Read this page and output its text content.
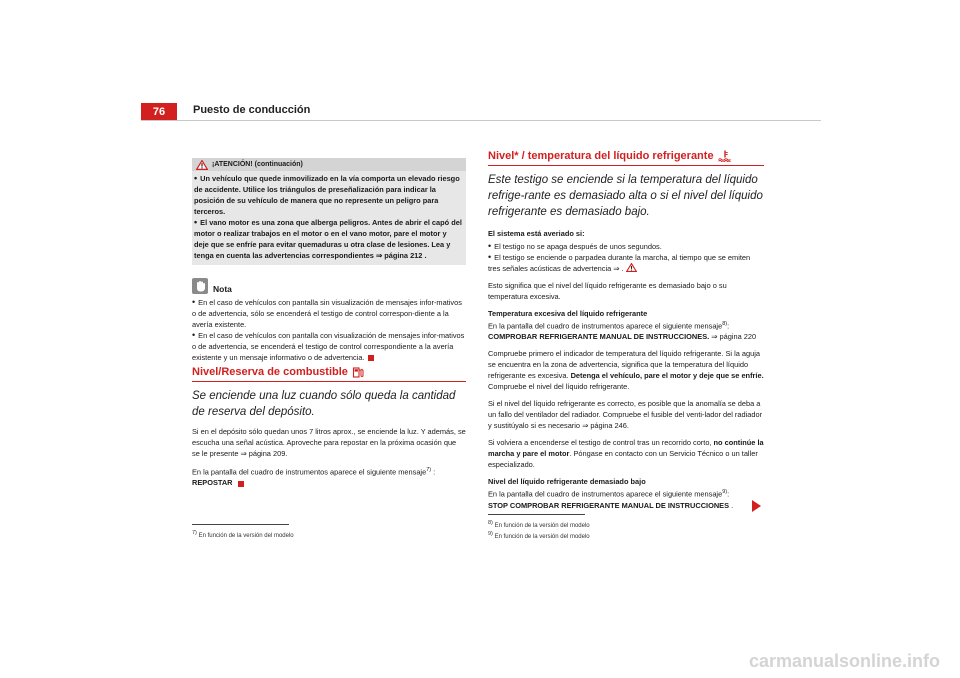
76	Puesto de conducción
¡ATENCIÓN! (continuación)
• Un vehículo que quede inmovilizado en la vía comporta un elevado riesgo de accidente. Utilice los triángulos de preseñalización para indicar la posición de su vehículo de manera que no represente un peligro para terceros.
• El vano motor es una zona que alberga peligros. Antes de abrir el capó del motor o realizar trabajos en el motor o en el vano motor, pare el motor y deje que se enfríe para evitar quemaduras u otra clase de lesiones. Lea y tenga en cuenta las advertencias correspondientes ⇒ página 212 .
Nota
• En el caso de vehículos con pantalla sin visualización de mensajes infor-mativos o de advertencia, sólo se encenderá el testigo de control correspon-diente a la avería existente.
• En el caso de vehículos con pantalla con visualización de mensajes infor-mativos o de advertencia, se encenderá el testigo de control correspondiente a la avería existente y un mensaje informativo o de advertencia.
Nivel/Reserva de combustible
Se enciende una luz cuando sólo queda la cantidad de reserva del depósito.

Si en el depósito sólo quedan unos 7 litros aprox., se enciende la luz. Y además, se escucha una señal acústica. Aproveche para repostar en la próxima ocasión que se le presente ⇒ página 209.

En la pantalla del cuadro de instrumentos aparece el siguiente mensaje$^{7)}$ :
REPOSTAR

$^{7)}$ En función de la versión del modelo
Nivel* / temperatura del líquido refrigerante
Este testigo se enciende si la temperatura del líquido refrige-rante es demasiado alta o si el nivel del líquido refrigerante es demasiado bajo.

El sistema está averiado si:

• El testigo no se apaga después de unos segundos.
• El testigo se enciende o parpadea durante la marcha, al tiempo que se emiten tres señales acústicas de advertencia ⇒ .

Esto significa que el nivel del líquido refrigerante es demasiado bajo o su temperatura excesiva.

Temperatura excesiva del líquido refrigerante

En la pantalla del cuadro de instrumentos aparece el siguiente mensaje$^{8)}$:
COMPROBAR REFRIGERANTE MANUAL DE INSTRUCCIONES. ⇒ página 220

Compruebe primero el indicador de temperatura del líquido refrigerante. Si la aguja se encuentra en la zona de advertencia, significa que la temperatura del líquido refrigerante es excesiva. Detenga el vehículo, pare el motor y deje que se enfríe. Compruebe el nivel del líquido refrigerante.

Si el nivel del líquido refrigerante es correcto, es posible que la anomalía se deba a un fallo del ventilador del radiador. Compruebe el fusible del venti-lador del radiador y sustitúyalo si es necesario ⇒ página 246.

Si volviera a encenderse el testigo de control tras un recorrido corto, no continúe la marcha y pare el motor. Póngase en contacto con un Servicio Técnico o un taller especializado.

Nivel del líquido refrigerante demasiado bajo

En la pantalla del cuadro de instrumentos aparece el siguiente mensaje$^{9)}$:
STOP COMPROBAR REFRIGERANTE MANUAL DE INSTRUCCIONES .

$^{8)}$ En función de la versión del modelo
$^{9)}$ En función de la versión del modelo
carmanualsonline.info
